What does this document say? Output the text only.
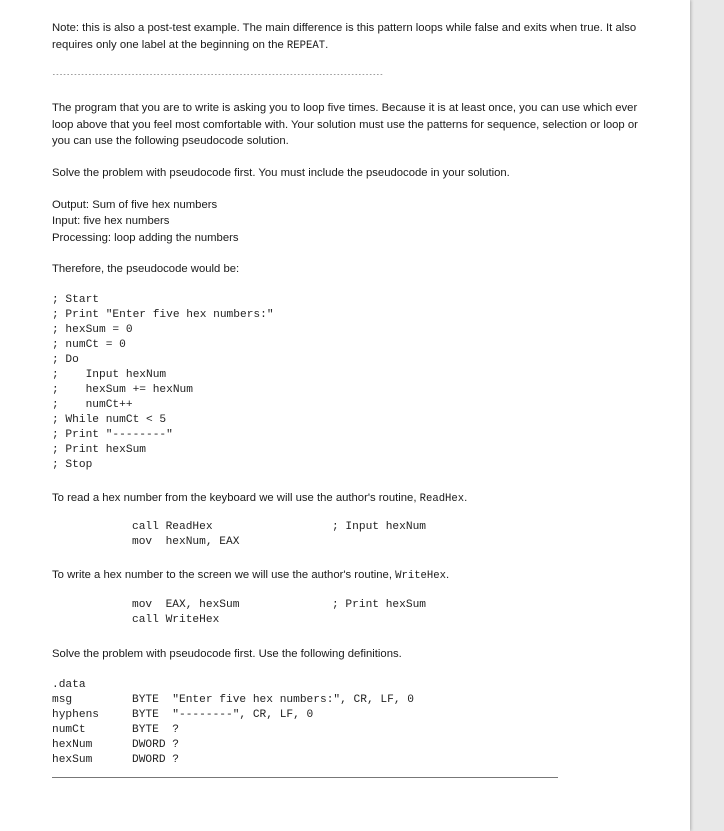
Note: this is also a post-test example. The main difference is this pattern loops while false and exits when true. It also requires only one label at the beginning on the REPEAT.
--------------------------------------------------------------------------------------------
The program that you are to write is asking you to loop five times. Because it is at least once, you can use which ever loop above that you feel most comfortable with. Your solution must use the patterns for sequence, selection or loop or you can use the following pseudocode solution.
Solve the problem with pseudocode first. You must include the pseudocode in your solution.
Output: Sum of five hex numbers
Input: five hex numbers
Processing: loop adding the numbers
Therefore, the pseudocode would be:
; Start
; Print "Enter five hex numbers:"
; hexSum = 0
; numCt = 0
; Do
;    Input hexNum
;    hexSum += hexNum
;    numCt++
; While numCt < 5
; Print "--------"
; Print hexSum
; Stop
To read a hex number from the keyboard we will use the author's routine, ReadHex.
call ReadHex	; Input hexNum
mov  hexNum, EAX
To write a hex number to the screen we will use the author's routine, WriteHex.
mov  EAX, hexSum	; Print hexSum
call WriteHex
Solve the problem with pseudocode first. Use the following definitions.
.data
msg	BYTE  "Enter five hex numbers:", CR, LF, 0
hyphens	BYTE  "--------", CR, LF, 0
numCt	BYTE  ?
hexNum	DWORD ?
hexSum	DWORD ?
